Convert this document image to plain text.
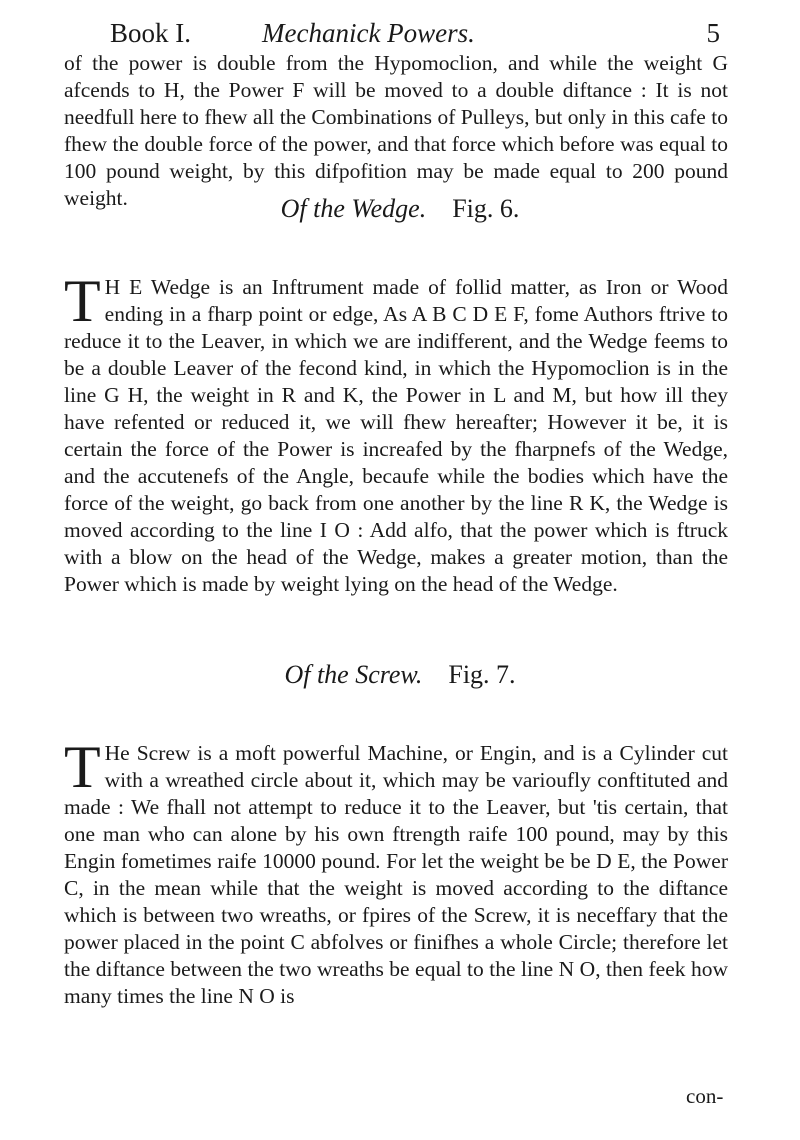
Book I.	Mechanick Powers.	5
of the power is double from the Hypomoclion, and while the weight G afcends to H, the Power F will be moved to a double diftance : It is not needfull here to fhew all the Combinations of Pulleys, but only in this cafe to fhew the double force of the power, and that force which before was equal to 100 pound weight, by this difpofition may be made equal to 200 pound weight.	Of the Wedge. Fig. 6.
T H E Wedge is an Inftrument made of follid matter, as Iron or Wood ending in a fharp point or edge, As A B C D E F, fome Authors ftrive to reduce it to the Leaver, in which we are indifferent, and the Wedge feems to be a double Leaver of the fecond kind, in which the Hypomoclion is in the line G H, the weight in R and K, the Power in L and M, but how ill they have refented or reduced it, we will fhew hereafter; However it be, it is certain the force of the Power is increafed by the fharpnefs of the Wedge, and the accutenefs of the Angle, becaufe while the bodies which have the force of the weight, go back from one another by the line R K, the Wedge is moved according to the line I O : Add alfo, that the power which is ftruck with a blow on the head of the Wedge, makes a greater motion, than the Power which is made by weight lying on the head of the Wedge.
Of the Screw. Fig. 7.
T He Screw is a moft powerful Machine, or Engin, and is a Cylinder cut with a wreathed circle about it, which may be varioufly conftituted and made : We fhall not attempt to reduce it to the Leaver, but 'tis certain, that one man who can alone by his own ftrength raife 100 pound, may by this Engin fometimes raife 10000 pound. For let the weight be be D E, the Power C, in the mean while that the weight is moved according to the diftance which is between two wreaths, or fpires of the Screw, it is neceffary that the power placed in the point C abfolves or finifhes a whole Circle; therefore let the diftance between the two wreaths be equal to the line N O, then feek how many times the line N O is
con-
